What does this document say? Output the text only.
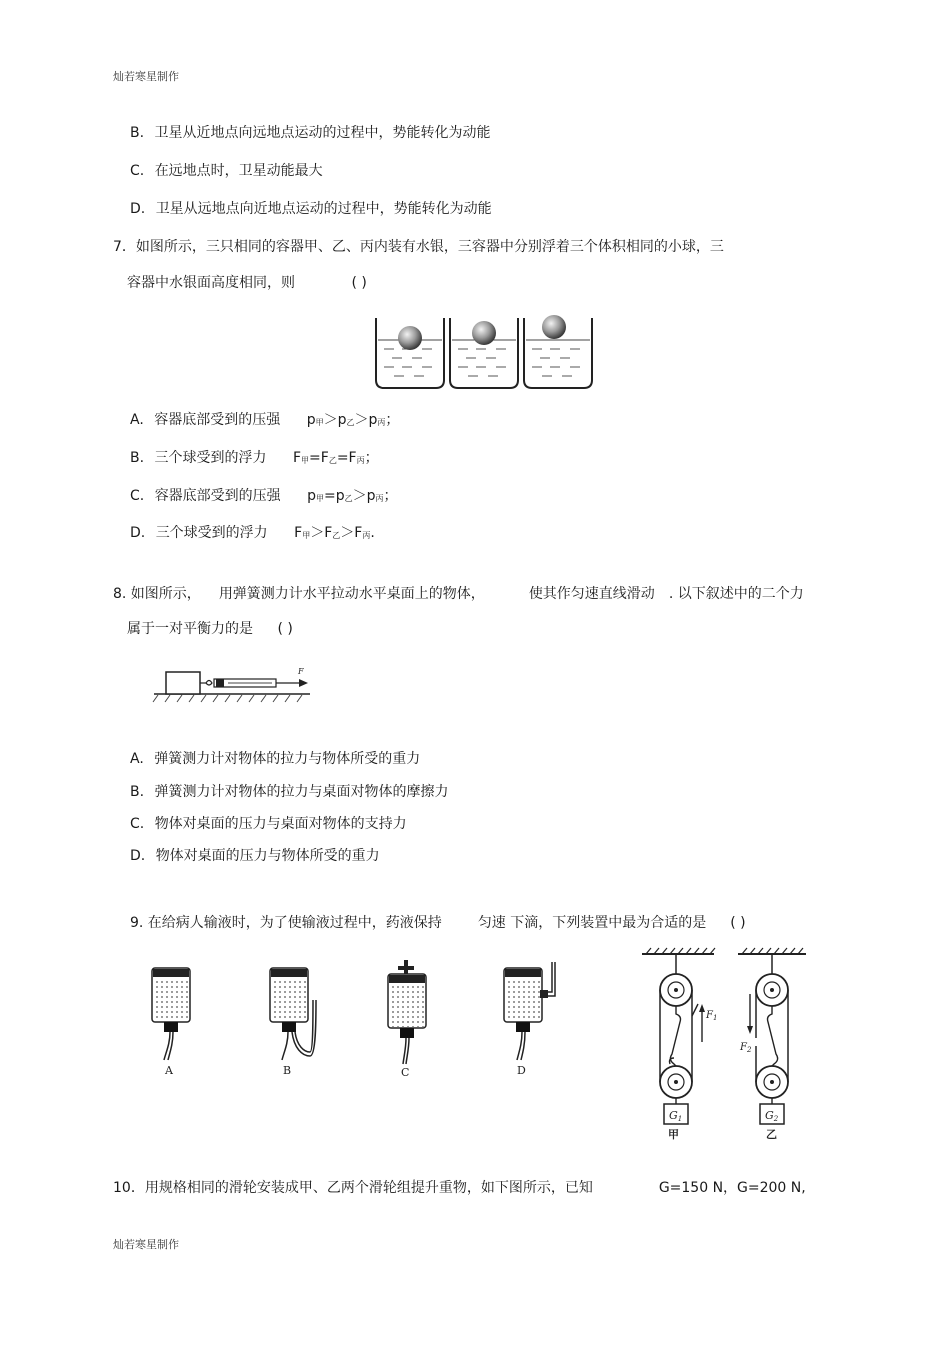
灿若寒星制作
灿若寒星制作
B. 卫星从近地点向远地点运动的过程中，势能转化为动能
C. 在远地点时，卫星动能最大
D. 卫星从远地点向近地点运动的过程中，势能转化为动能
7．如图所示，三只相同的容器甲、乙、丙内装有水银，三容器中分别浮着三个体积相同的小球，三
容器中水银面高度相同，则	( )
A. 容器底部受到的压强 p甲＞p乙＞p丙；
B. 三个球受到的浮力 F甲=F乙=F丙；
C. 容器底部受到的压强 p甲=p乙＞p丙；
D. 三个球受到的浮力 F甲＞F乙＞F丙.
8. 如图所示， 用弹簧测力计水平拉动水平桌面上的物体，	使其作匀速直线滑动 . 以下叙述中的二个力
属于一对平衡力的是 ( )
F
A. 弹簧测力计对物体的拉力与物体所受的重力
B. 弹簧测力计对物体的拉力与桌面对物体的摩擦力
C. 物体对桌面的压力与桌面对物体的支持力
D. 物体对桌面的压力与物体所受的重力
9. 在给病人输液时，为了使输液过程中，药液保持	匀速 下滴，下列装置中最为合适的是 ( )
A	B	C	D
G1
$F_1$
甲
G2
$F_2$
乙
10．用规格相同的滑轮安装成甲、乙两个滑轮组提升重物，如下图所示，已知	G=150 N，G=200 N,
